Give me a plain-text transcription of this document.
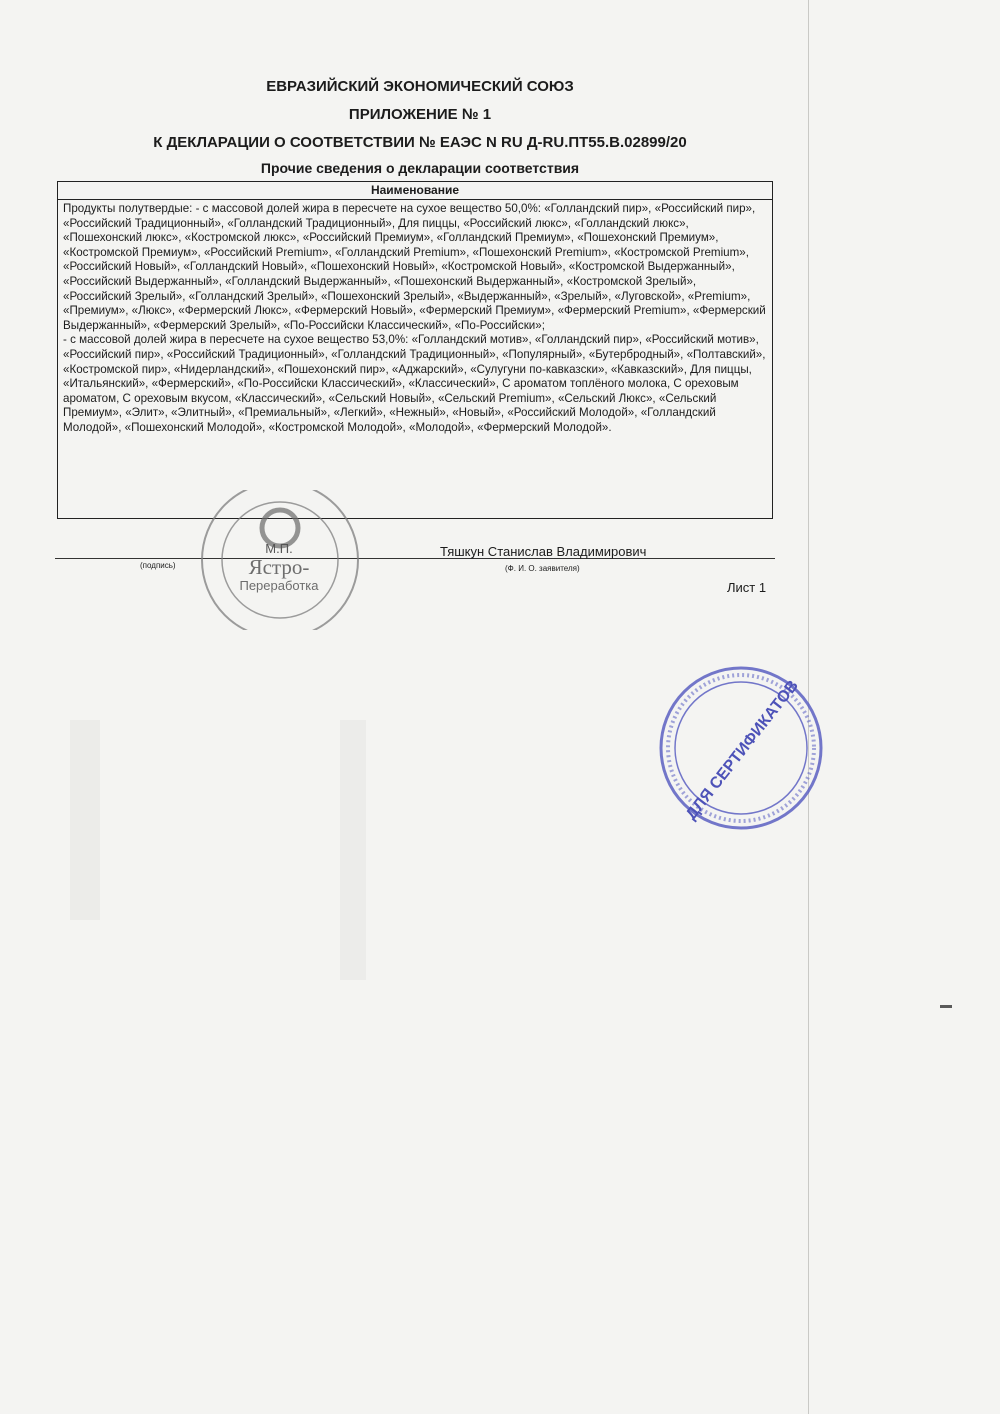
ЕВРАЗИЙСКИЙ ЭКОНОМИЧЕСКИЙ СОЮЗ
ПРИЛОЖЕНИЕ № 1
К ДЕКЛАРАЦИИ О СООТВЕТСТВИИ № ЕАЭС N RU Д-RU.ПТ55.В.02899/20
Прочие сведения о декларации соответствия
Наименование
Продукты полутвердые: - с массовой долей жира в пересчете на сухое вещество 50,0%: «Голландский пир», «Российский пир», «Российский Традиционный», «Голландский Традиционный», Для пиццы, «Российский люкс», «Голландский люкс», «Пошехонский люкс», «Костромской люкс», «Российский Премиум», «Голландский Премиум», «Пошехонский Премиум», «Костромской Премиум», «Российский Premium», «Голландский Premium», «Пошехонский Premium», «Костромской Premium», «Российский Новый», «Голландский Новый», «Пошехонский Новый», «Костромской Новый», «Костромской Выдержанный», «Российский Выдержанный», «Голландский Выдержанный», «Пошехонский Выдержанный», «Костромской Зрелый», «Российский Зрелый», «Голландский Зрелый», «Пошехонский Зрелый», «Выдержанный», «Зрелый», «Луговской», «Premium», «Премиум», «Люкс», «Фермерский Люкс», «Фермерский Новый», «Фермерский Премиум», «Фермерский Premium», «Фермерский Выдержанный», «Фермерский Зрелый», «По-Российски Классический», «По-Российски»;
- с массовой долей жира в пересчете на сухое вещество 53,0%: «Голландский мотив», «Голландский пир», «Российский мотив», «Российский пир», «Российский Традиционный», «Голландский Традиционный», «Популярный», «Бутербродный», «Полтавский», «Костромской пир», «Нидерландский», «Пошехонский пир», «Аджарский», «Сулугуни по-кавказски», «Кавказский», Для пиццы, «Итальянский», «Фермерский», «По-Российски Классический», «Классический», С ароматом топлёного молока, С ореховым ароматом, С ореховым вкусом, «Классический», «Сельский Новый», «Сельский Premium», «Сельский Люкс», «Сельский Премиум», «Элит», «Элитный», «Премиальный», «Легкий», «Нежный», «Новый», «Российский Молодой», «Голландский Молодой», «Пошехонский Молодой», «Костромской Молодой», «Молодой», «Фермерский Молодой».
Тяшкун Станислав Владимирович
(подпись)	(Ф. И. О. заявителя)
Лист 1
М.П.
Ястро-
Переработка
ДЛЯ СЕРТИФИКАТОВ
